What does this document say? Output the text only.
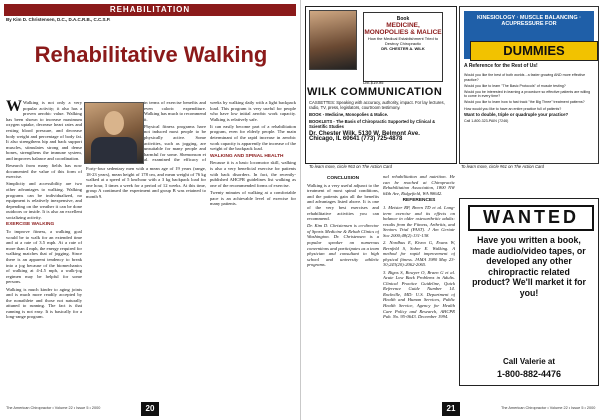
REHABILITATION
By Kim D. Christensen, D.C., D.A.C.R.B., C.C.S.P.
Rehabilitative Walking

W Walking is not only a very popular activity; it also has a proven aerobic value. Walking has been shown to increase maximum oxygen uptake, decrease heart rates and resting blood pressure, and decrease body weight and percentage of body fat. It also strengthens hip and back support muscles, stimulates strong and dense bones, strengthens the immune system, and improves balance and coordination.

Research from many fields has now documented the value of this form of exercise.

Simplicity and accessibility are two other advantages to walking. Walking programs can be individualized, no equipment is relatively inexpensive, and depending on the weather it can be done outdoors or inside. It is also an excellent socializing activity.

EXERCISE WALKING

To improve fitness, a walking goal would be to walk for an extended time and at a rate of 3.5 mph. At a rate of more than 4 mph, the energy required for walking matches that of jogging. Since there is an apparent tendency to break into a jog because of the biomechanics of walking at 4-4.5 mph, a walk-jog regimen may be helpful for some persons.

Walking is much kinder to aging joints and is much more readily accepted by the nonathlete and those not naturally attuned to running. The fact is that running is not easy. It is basically for a long-range program.

in terms of exercise benefits and even caloric expenditure. Walking has much to recommend it.

Physical fitness programs have not induced most people to be physically active. Some activities, such as jogging, are unsuitable for many people and harmful for some. Shemonson et al. examined the efficacy of

Forty-four sedentary men with a mean age of 19 years (range, 18-23 years), mean height of 178 cm, and mean weight of 76 kg walked at a speed of 5 km/hour with a 3 kg backpack load for one hour, 3 times a week for a period of 12 weeks. At this time, group A continued the experiment and group B was retained to month 9.

weeks by walking daily with a light backpack load. This program is very useful for people who have low initial aerobic work capacity. Walking is relatively safe.

It can easily become part of a rehabilitation program, even for elderly people. The main determinant of the rapid increase in aerobic work capacity is apparently the increase of the weight of the backpack load.

WALKING AND SPINAL HEALTH

Because it is a basic locomotor skill, walking is also a very beneficial exercise for patients with back disorders. In fact, the recently-published AHCPR guidelines list walking as one of the recommended forms of exercise.

Twenty minutes of walking at a comfortable pace is an achievable level of exercise for many patients.

The American Chiropractor • Volume 22 • Issue 5 • 2000	20
Book
MEDICINE, MONOPOLIES & MALICE
How the Medical Establishment Tried to Destroy Chiropractic
DR. CHESTER A. WILK
List $19.95
WILK COMMUNICATION
CASSETTES: Speaking with accuracy, authority, impact. For lay lectures, radio, TV, press, legislators, courtroom testimony.
BOOK - Medicine, Monopolies & Malice.
BOOKLETS - The Basis of Chiropractic Supported by Clinical & Scientific Studies
Dr. Chester Wilk, 5130 W. Belmont Ave.
Chicago, IL 60641 (773) 725-4878
To learn more, circle #63 on The Action Card
KINESIOLOGY · MUSCLE BALANCING · ACUPRESSURE FOR
DUMMIES
A Reference for the Rest of Us!
Would you like the best of both worlds - a faster growing AND more effective practice?
Would you like to learn "The Basic Protocols" of muscle testing?
Would you be interested in learning a procedure so effective patients are willing to come in every time?
Would you like to learn how to fast track "the Big Three" treatment patterns?
How would you like to have an entire practice full of patients?
Want to double, triple or quadruple your practice?
Call 1-800-323-PAIN (7246)
To learn more, circle #61 on The Action Card
CONCLUSION

Walking is a very useful adjunct to the treatment of most spinal conditions, and the patients gain all the benefits and advantages listed above. It is one of the very best exercises and rehabilitative activities you can recommend.

Dr. Kim D. Christensen is co-director of Sports Medicine & Rehab Clinics of Washington. Dr. Christensen is a popular speaker on numerous conventions and participates as a team physician and consultant to high school and university athletic programs.

nal rehabilitation and nutrition. He can be reached at Chiropractic Rehabilitation Association, 1800 NW 64th Ave, Ridgefield, WA 98642.

REFERENCES

1. Meister RP, Breen TD et al. Long-term exercise and its effects on balance in older osteoarthritic adults: results from the Fitness, Arthritis, and Seniors Trial (FAST). J Am Geriatr Soc 2000;48(2):131-138.

2. Nordhus E, Kivno G, Evans W, Bernfeld S, Sohre E. Walking. A method for rapid improvement of physical fitness. JAMA 1980 May 23-30;243(20):2062-2065.

3. Bigos S, Bowyer O, Braen G et al. Acute Low Back Problems in Adults. Clinical Practice Guideline, Quick Reference Guide Number 14. Rockville, MD: U.S. Department of Health and Human Services, Public Health Service, Agency for Health Care Policy and Research, AHCPR Pub. No. 95-0643. December 1994.

WANTED
Have you written a book, made audio/video tapes, or developed any other chiropractic related product? We'll market it for you!
Call Valerie at
1-800-882-4476
The American Chiropractor • Volume 22 • Issue 5 • 2000
21
